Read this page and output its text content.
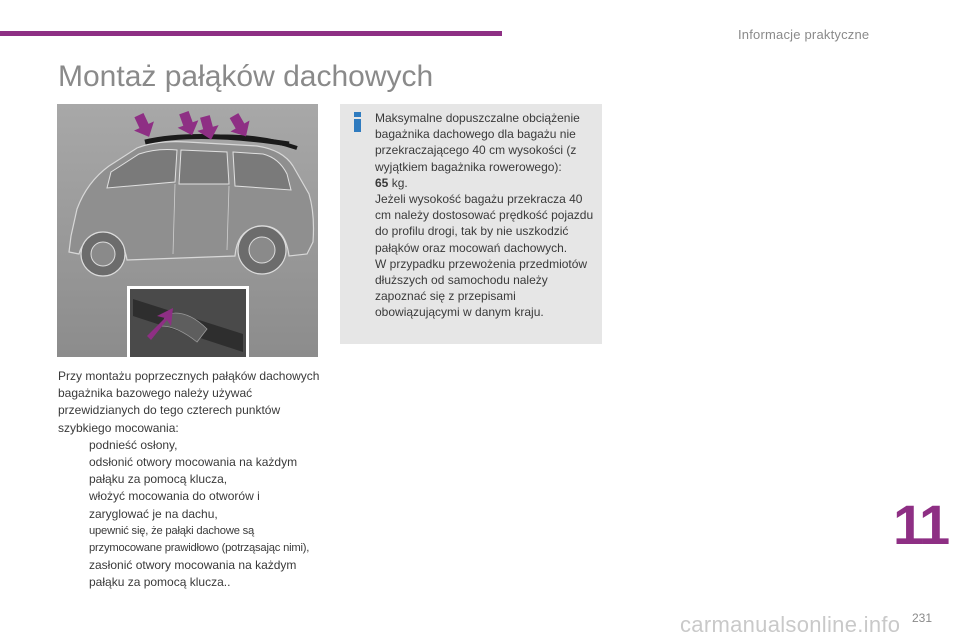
Informacje praktyczne
Montaż pałąków dachowych
Maksymalne dopuszczalne obciążenie bagażnika dachowego dla bagażu nie przekraczającego 40 cm wysokości (z wyjątkiem bagażnika rowerowego):
65 kg.
Jeżeli wysokość bagażu przekracza 40 cm należy dostosować prędkość pojazdu do profilu drogi, tak by nie uszkodzić pałąków oraz mocowań dachowych.
W przypadku przewożenia przedmiotów dłuższych od samochodu należy zapoznać się z przepisami obowiązującymi w danym kraju.
Przy montażu poprzecznych pałąków dachowych bagażnika bazowego należy używać przewidzianych do tego czterech punktów szybkiego mocowania:
podnieść osłony,
odsłonić otwory mocowania na każdym pałąku za pomocą klucza,
włożyć mocowania do otworów i zaryglować je na dachu,
upewnić się, że pałąki dachowe są przymocowane prawidłowo (potrząsając nimi),
zasłonić otwory mocowania na każdym pałąku za pomocą klucza..
11
carmanualsonline.info 231
